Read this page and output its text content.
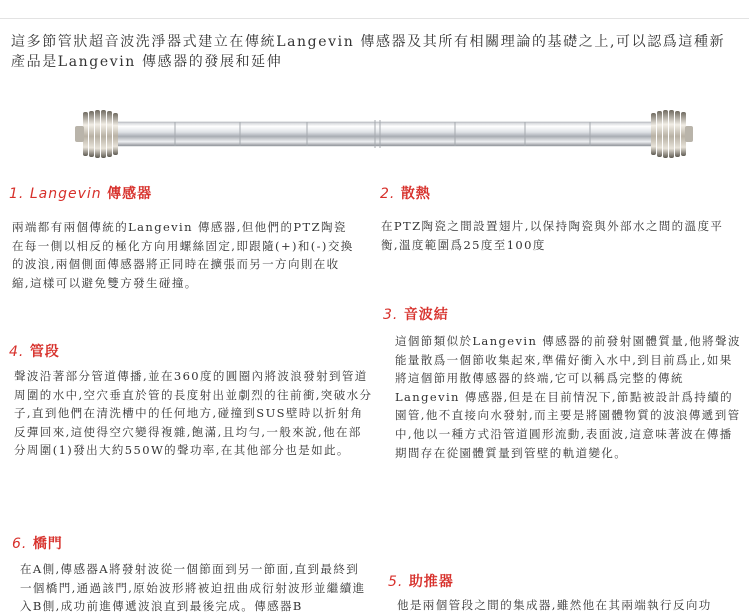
這多節管狀超音波洗淨器式建立在傳統Langevin 傳感器及其所有相關理論的基礎之上,可以認爲這種新產品是Langevin 傳感器的發展和延伸
1. Langevin 傳感器
兩端都有兩個傳統的Langevin 傳感器,但他們的PTZ陶瓷在每一側以相反的極化方向用螺絲固定,即跟隨(+)和(-)交換的波浪,兩個側面傳感器將正同時在擴張而另一方向則在收縮,這樣可以避免雙方發生碰撞。
2. 散熱
在PTZ陶瓷之間設置翅片,以保持陶瓷與外部水之間的溫度平衡,溫度範圍爲25度至100度
3. 音波結
這個節類似於Langevin 傳感器的前發射園體質量,他將聲波能量散爲一個節收集起來,準備好衝入水中,到目前爲止,如果將這個節用散傳感器的終端,它可以稱爲完整的傳統Langevin 傳感器,但是在目前情況下,節點被設計爲持續的園管,他不直接向水發射,而主要是將園體物質的波浪傳遞到管中,他以一種方式沿管道圓形流動,表面波,這意味著波在傳播期間存在從園體質量到管壁的軌道變化。
4. 管段
聲波沿著部分管道傳播,並在360度的圓圈內將波浪發射到管道周圍的水中,空穴垂直於管的長度射出並劇烈的往前衝,突破水分子,直到他們在清洗槽中的任何地方,碰撞到SUS壁時以折射角反彈回來,這使得空穴變得複雜,飽滿,且均勻,一般來說,他在部分周圍(1)發出大約550W的聲功率,在其他部分也是如此。
5. 助推器
他是兩個管段之間的集成器,雖然他在其兩端執行反向功
6. 橋門
在A側,傳感器A將發射波從一個節面到另一節面,直到最終到一個橋門,通過該門,原始波形將被迫扭曲成衍射波形並繼續進入B側,成功前進傳遞波浪直到最後完成。傳感器B
